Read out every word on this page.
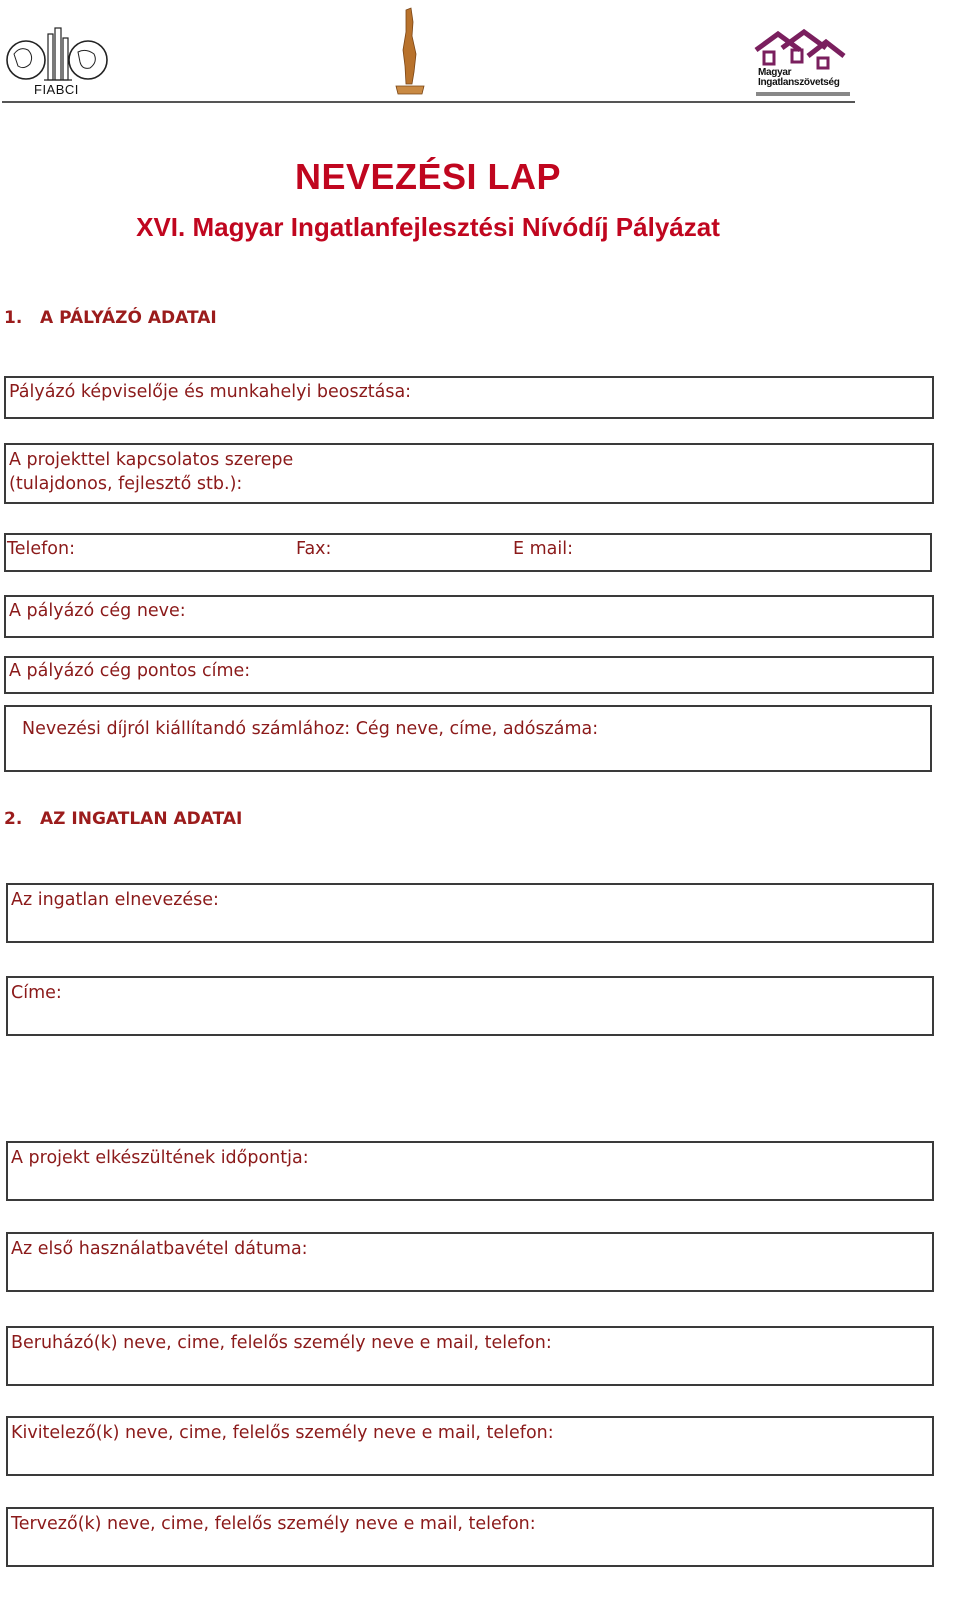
FIABCI
Magyar
Ingatlanszövetség
NEVEZÉSI LAP
XVI. Magyar Ingatlanfejlesztési Nívódíj Pályázat
1. A PÁLYÁZÓ ADATAI
Pályázó képviselője és munkahelyi beosztása:
A projekttel kapcsolatos szerepe
(tulajdonos, fejlesztő stb.):
Telefon:	Fax:	E mail:
A pályázó cég neve:
A pályázó cég pontos címe:
Nevezési díjról kiállítandó számlához: Cég neve, címe, adószáma:
2. AZ INGATLAN ADATAI
Az ingatlan elnevezése:
Címe:
A projekt elkészültének időpontja:
Az első használatbavétel dátuma:
Beruházó(k) neve, cime, felelős személy neve e mail, telefon:
Kivitelező(k) neve, cime, felelős személy neve e mail, telefon:
Tervező(k) neve, cime, felelős személy neve e mail, telefon:
